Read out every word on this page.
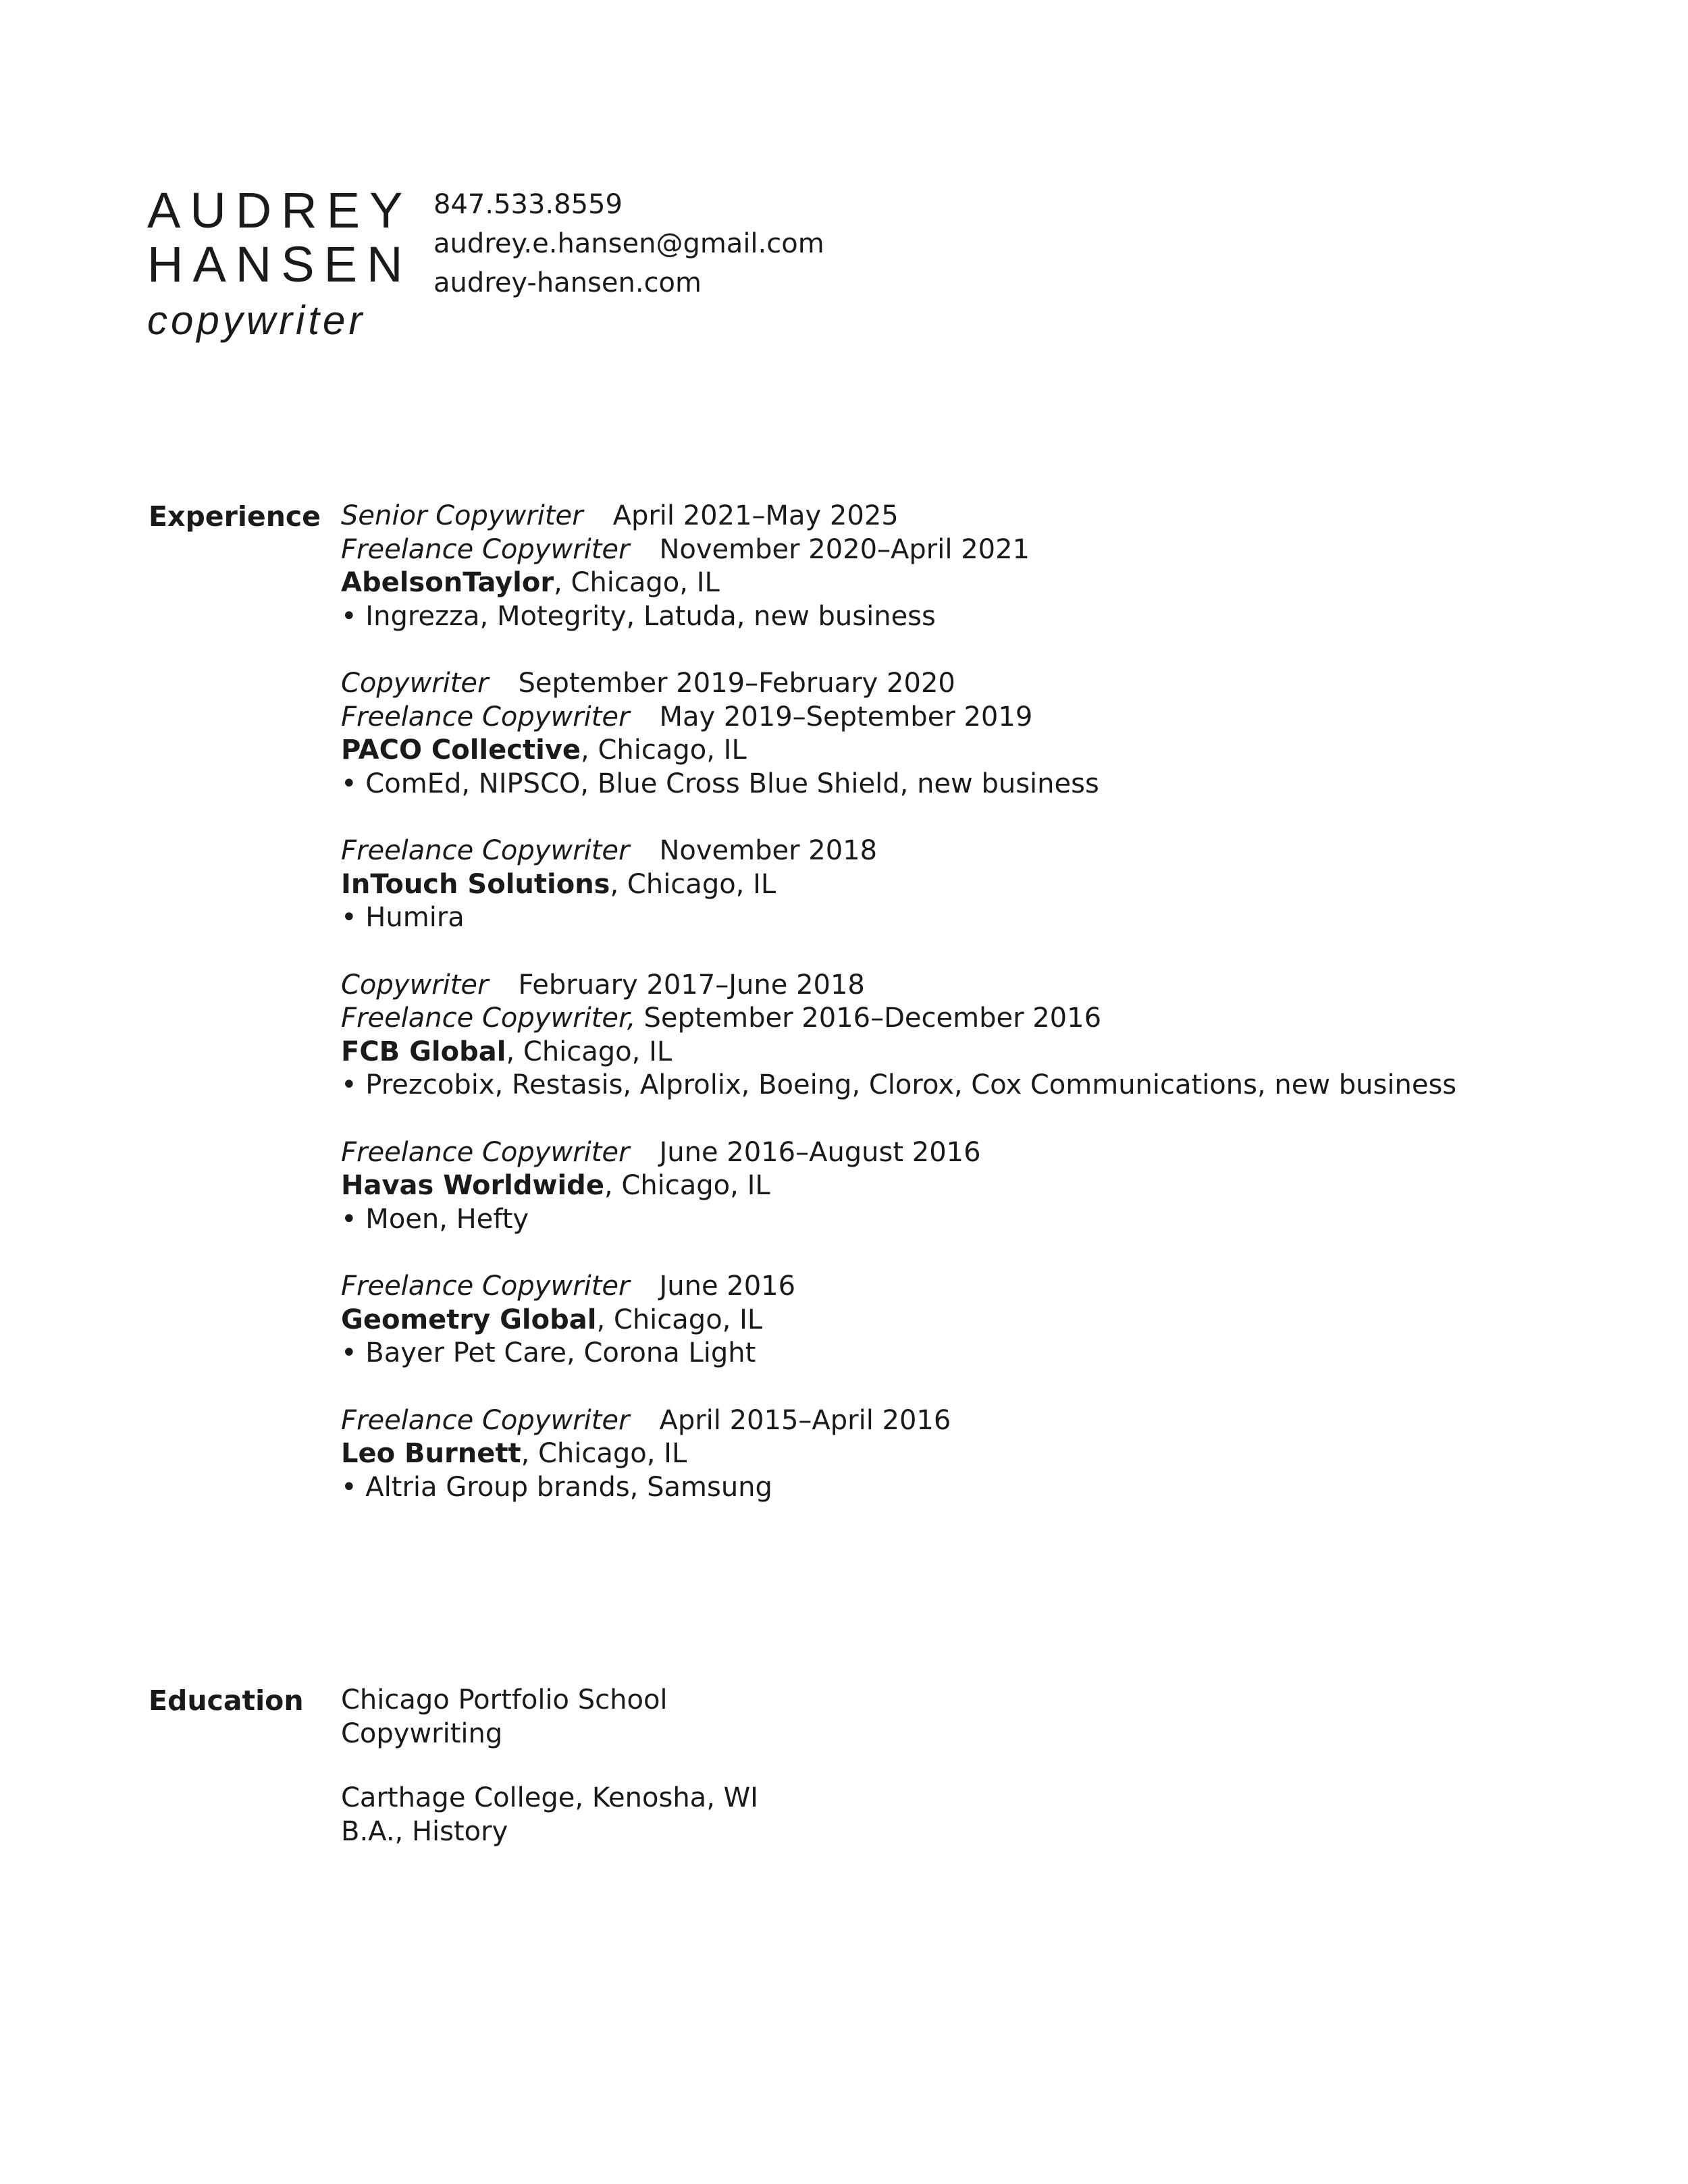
AUDREY
HANSEN
copywriter
847.533.8559
audrey.e.hansen@gmail.com
audrey-hansen.com
Experience Senior Copywriter April 2021–May 2025
Freelance Copywriter November 2020–April 2021
AbelsonTaylor, Chicago, IL
• Ingrezza, Motegrity, Latuda, new business
Copywriter September 2019–February 2020
Freelance Copywriter May 2019–September 2019
PACO Collective, Chicago, IL
• ComEd, NIPSCO, Blue Cross Blue Shield, new business
Freelance Copywriter November 2018
InTouch Solutions, Chicago, IL
• Humira
Copywriter February 2017–June 2018
Freelance Copywriter, September 2016–December 2016
FCB Global, Chicago, IL
• Prezcobix, Restasis, Alprolix, Boeing, Clorox, Cox Communications, new business
Freelance Copywriter June 2016–August 2016
Havas Worldwide, Chicago, IL
• Moen, Hefty
Freelance Copywriter June 2016
Geometry Global, Chicago, IL
• Bayer Pet Care, Corona Light
Freelance Copywriter April 2015–April 2016
Leo Burnett, Chicago, IL
• Altria Group brands, Samsung
Education Chicago Portfolio School
Copywriting
Carthage College, Kenosha, WI
B.A., History
